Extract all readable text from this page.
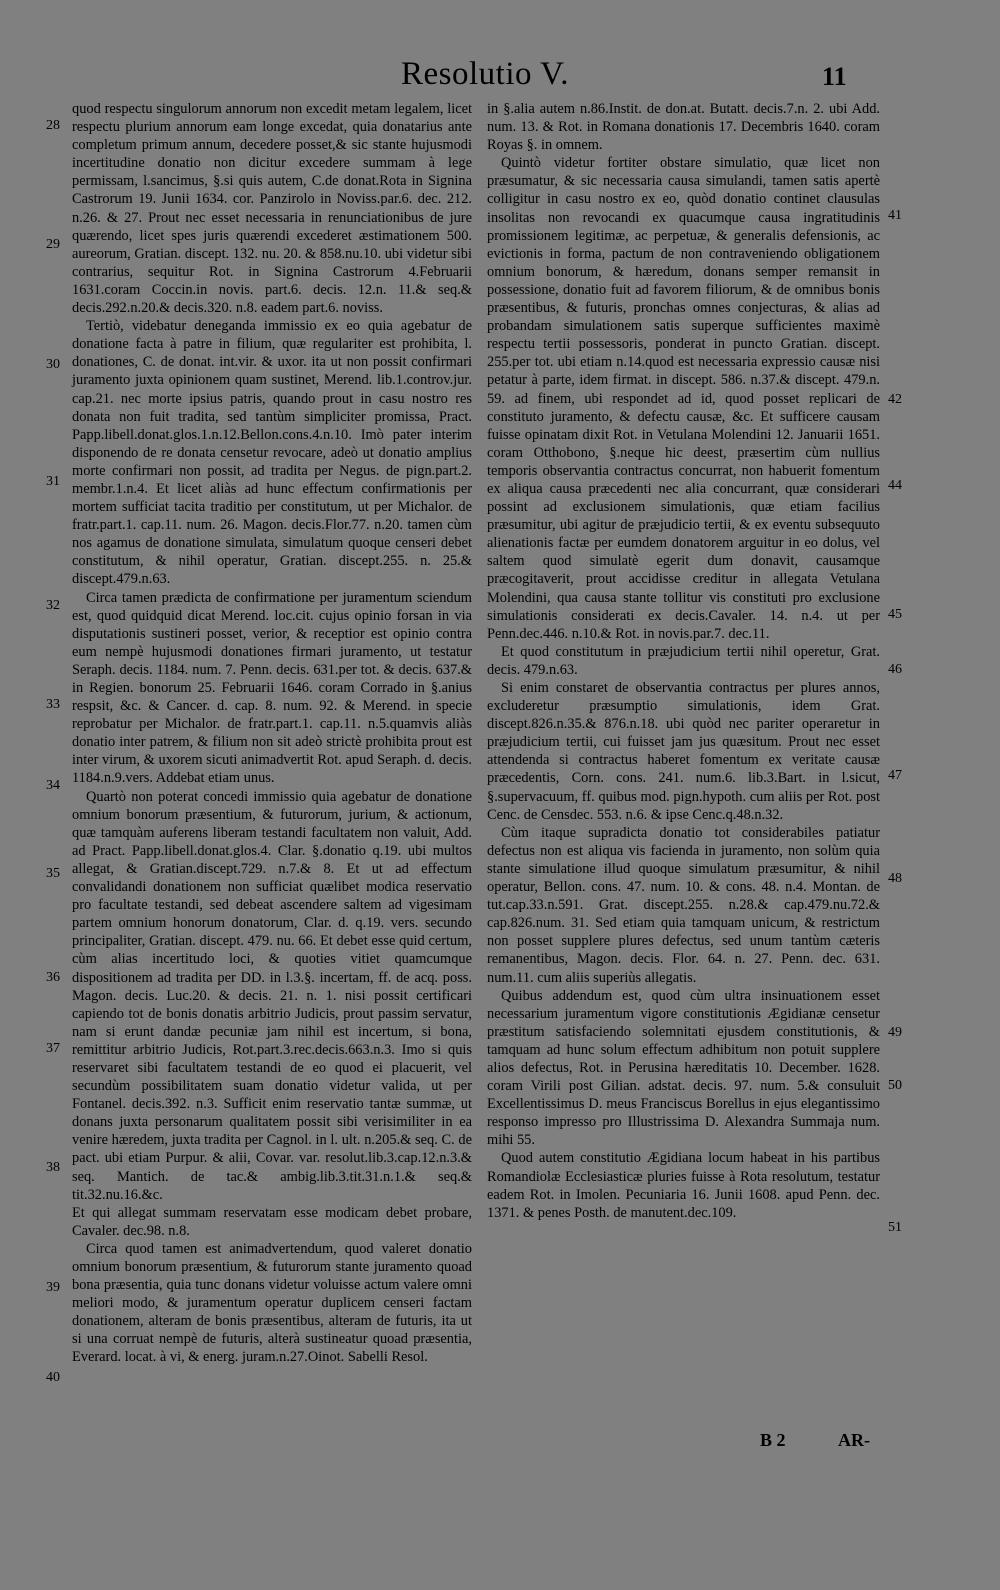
Resolutio V.	11

quod respectu singulorum annorum non excedit metam legalem, licet respectu plurium annorum eam longe excedat, quia donatarius ante completum primum annum, decedere posset,& sic stante hujusmodi incertitudine donatio non dicitur excedere summam à lege permissam, l.sancimus, §.si quis autem, C.de donat.Rota in Signina Castrorum 19. Junii 1634. cor. Panzirolo in Noviss.par.6. dec. 212. n.26. & 27. Prout nec esset necessaria in renunciationibus de jure quærendo, licet spes juris quærendi excederet æstimationem 500. aureorum, Gratian. discept. 132. nu. 20. & 858.nu.10. ubi videtur sibi contrarius, sequitur Rot. in Signina Castrorum 4.Februarii 1631.coram Coccin.in novis. part.6. decis. 12.n. 11.& seq.& decis.292.n.20.& decis.320. n.8. eadem part.6. noviss.

Tertiò, videbatur deneganda immissio ex eo quia agebatur de donatione facta à patre in filium, quæ regulariter est prohibita, l. donationes, C. de donat. int.vir. & uxor. ita ut non possit confirmari juramento juxta opinionem quam sustinet, Merend. lib.1.controv.jur. cap.21. nec morte ipsius patris, quando prout in casu nostro res donata non fuit tradita, sed tantùm simpliciter promissa, Pract. Papp.libell.donat.glos.1.n.12.Bellon.cons.4.n.10. Imò pater interim disponendo de re donata censetur revocare, adeò ut donatio amplius morte confirmari non possit, ad tradita per Negus. de pign.part.2. membr.1.n.4. Et licet aliàs ad hunc effectum confirmationis per mortem sufficiat tacita traditio per constitutum, ut per Michalor. de fratr.part.1. cap.11. num. 26. Magon. decis.Flor.77. n.20. tamen cùm nos agamus de donatione simulata, simulatum quoque censeri debet constitutum, & nihil operatur, Gratian. discept.255. n. 25.& discept.479.n.63.

Circa tamen prædicta de confirmatione per juramentum sciendum est, quod quidquid dicat Merend. loc.cit. cujus opinio forsan in via disputationis sustineri posset, verior, & receptior est opinio contra eum nempè hujusmodi donationes firmari juramento, ut testatur Seraph. decis. 1184. num. 7. Penn. decis. 631.per tot. & decis. 637.& in Regien. bonorum 25. Februarii 1646. coram Corrado in §.anius respsit, &c. & Cancer. d. cap. 8. num. 92. & Merend. in specie reprobatur per Michalor. de fratr.part.1. cap.11. n.5.quamvis aliàs donatio inter patrem, & filium non sit adeò strictè prohibita prout est inter virum, & uxorem sicuti animadvertit Rot. apud Seraph. d. decis. 1184.n.9.vers. Addebat etiam unus.

Quartò non poterat concedi immissio quia agebatur de donatione omnium bonorum præsentium, & futurorum, jurium, & actionum, quæ tamquàm auferens liberam testandi facultatem non valuit, Add. ad Pract. Papp.libell.donat.glos.4. Clar. §.donatio q.19. ubi multos allegat, & Gratian.discept.729. n.7.& 8. Et ut ad effectum convalidandi donationem non sufficiat quælibet modica reservatio pro facultate testandi, sed debeat ascendere saltem ad vigesimam partem omnium honorum donatorum, Clar. d. q.19. vers. secundo principaliter, Gratian. discept. 479. nu. 66. Et debet esse quid certum, cùm alias incertitudo loci, & quoties vitiet quamcumque dispositionem ad tradita per DD. in l.3.§. incertam, ff. de acq. poss. Magon. decis. Luc.20. & decis. 21. n. 1. nisi possit certificari capiendo tot de bonis donatis arbitrio Judicis, prout passim servatur, nam si erunt dandæ pecuniæ jam nihil est incertum, si bona, remittitur arbitrio Judicis, Rot.part.3.rec.decis.663.n.3. Imo si quis reservaret sibi facultatem testandi de eo quod ei placuerit, vel secundùm possibilitatem suam donatio videtur valida, ut per Fontanel. decis.392. n.3. Sufficit enim reservatio tantæ summæ, ut donans juxta personarum qualitatem possit sibi verisimiliter in ea venire hæredem, juxta tradita per Cagnol. in l. ult. n.205.& seq. C. de pact. ubi etiam Purpur. & alii, Covar. var. resolut.lib.3.cap.12.n.3.& seq. Mantich. de tac.& ambig.lib.3.tit.31.n.1.& seq.& tit.32.nu.16.&c.

Et qui allegat summam reservatam esse modicam debet probare, Cavaler. dec.98. n.8.

Circa quod tamen est animadvertendum, quod valeret donatio omnium bonorum præsentium, & futurorum stante juramento quoad bona præsentia, quia tunc donans videtur voluisse actum valere omni meliori modo, & juramentum operatur duplicem censeri factam donationem, alteram de bonis præsentibus, alteram de futuris, ita ut si una corruat nempè de futuris, alterà sustineatur quoad præsentia, Everard. locat. à vi, & energ. juram.n.27.Oinot. Sabelli Resol.

28
29
30
31
32
33
34
35
36
37
38
39
40

in §.alia autem n.86.Instit. de don.at. Butatt. decis.7.n. 2. ubi Add. num. 13. & Rot. in Romana donationis 17. Decembris 1640. coram Royas §. in omnem.

Quintò videtur fortiter obstare simulatio, quæ licet non præsumatur, & sic necessaria causa simulandi, tamen satis apertè colligitur in casu nostro ex eo, quòd donatio continet clausulas insolitas non revocandi ex quacumque causa ingratitudinis promissionem legitimæ, ac perpetuæ, & generalis defensionis, ac evictionis in forma, pactum de non contraveniendo obligationem omnium bonorum, & hæredum, donans semper remansit in possessione, donatio fuit ad favorem filiorum, & de omnibus bonis præsentibus, & futuris, pronchas omnes conjecturas, & alias ad probandam simulationem satis superque sufficientes maximè respectu tertii possessoris, ponderat in puncto Gratian. discept. 255.per tot. ubi etiam n.14.quod est necessaria expressio causæ nisi petatur à parte, idem firmat. in discept. 586. n.37.& discept. 479.n. 59. ad finem, ubi respondet ad id, quod posset replicari de constituto juramento, & defectu causæ, &c. Et sufficere causam fuisse opinatam dixit Rot. in Vetulana Molendini 12. Januarii 1651. coram Otthobono, §.neque hic deest, præsertim cùm nullius temporis observantia contractus concurrat, non habuerit fomentum ex aliqua causa præcedenti nec alia concurrant, quæ considerari possint ad exclusionem simulationis, quæ etiam facilius præsumitur, ubi agitur de præjudicio tertii, & ex eventu subsequuto alienationis factæ per eumdem donatorem arguitur in eo dolus, vel saltem quod simulatè egerit dum donavit, causamque præcogitaverit, prout accidisse creditur in allegata Vetulana Molendini, qua causa stante tollitur vis constituti pro exclusione simulationis considerati ex decis.Cavaler. 14. n.4. ut per Penn.dec.446. n.10.& Rot. in novis.par.7. dec.11.

Et quod constitutum in præjudicium tertii nihil operetur, Grat. decis. 479.n.63.

Si enim constaret de observantia contractus per plures annos, excluderetur præsumptio simulationis, idem Grat. discept.826.n.35.& 876.n.18. ubi quòd nec pariter operaretur in præjudicium tertii, cui fuisset jam jus quæsitum. Prout nec esset attendenda si contractus haberet fomentum ex veritate causæ præcedentis, Corn. cons. 241. num.6. lib.3.Bart. in l.sicut, §.supervacuum, ff. quibus mod. pign.hypoth. cum aliis per Rot. post Cenc. de Censdec. 553. n.6. & ipse Cenc.q.48.n.32.

Cùm itaque supradicta donatio tot considerabiles patiatur defectus non est aliqua vis facienda in juramento, non solùm quia stante simulatione illud quoque simulatum præsumitur, & nihil operatur, Bellon. cons. 47. num. 10. & cons. 48. n.4. Montan. de tut.cap.33.n.591. Grat. discept.255. n.28.& cap.479.nu.72.& cap.826.num. 31. Sed etiam quia tamquam unicum, & restrictum non posset supplere plures defectus, sed unum tantùm cæteris remanentibus, Magon. decis. Flor. 64. n. 27. Penn. dec. 631. num.11. cum aliis superiùs allegatis.

Quibus addendum est, quod cùm ultra insinuationem esset necessarium juramentum vigore constitutionis Ægidianæ censetur præstitum satisfaciendo solemnitati ejusdem constitutionis, & tamquam ad hunc solum effectum adhibitum non potuit supplere alios defectus, Rot. in Perusina hæreditatis 10. December. 1628. coram Virili post Gilian. adstat. decis. 97. num. 5.& consuluit Excellentissimus D. meus Franciscus Borellus in ejus elegantissimo responso impresso pro Illustrissima D. Alexandra Summaja num. mihi 55.

Quod autem constitutio Ægidiana locum habeat in his partibus Romandiolæ Ecclesiasticæ pluries fuisse à Rota resolutum, testatur eadem Rot. in Imolen. Pecuniaria 16. Junii 1608. apud Penn. dec. 1371. & penes Posth. de manutent.dec.109.

41
42
44
45
46
47
48
49
50
51
B 2	AR-
